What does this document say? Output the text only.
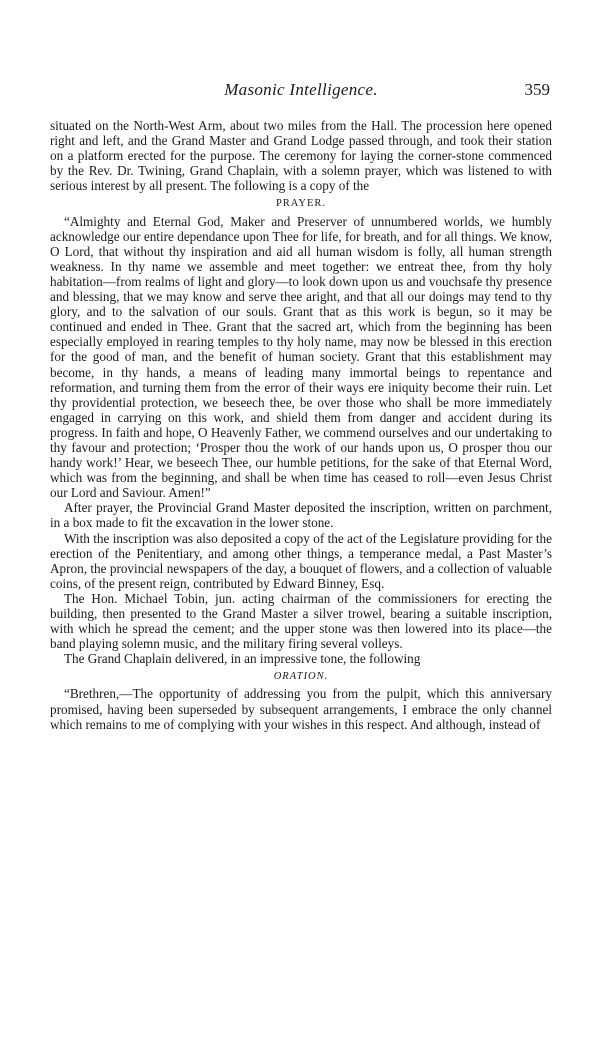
Masonic Intelligence.	359

situated on the North-West Arm, about two miles from the Hall. The procession here opened right and left, and the Grand Master and Grand Lodge passed through, and took their station on a platform erected for the purpose. The ceremony for laying the corner-stone commenced by the Rev. Dr. Twining, Grand Chaplain, with a solemn prayer, which was listened to with serious interest by all present. The following is a copy of the

PRAYER.

“Almighty and Eternal God, Maker and Preserver of unnumbered worlds, we humbly acknowledge our entire dependance upon Thee for life, for breath, and for all things. We know, O Lord, that without thy inspiration and aid all human wisdom is folly, all human strength weakness. In thy name we assemble and meet together: we entreat thee, from thy holy habitation—from realms of light and glory—to look down upon us and vouchsafe thy presence and blessing, that we may know and serve thee aright, and that all our doings may tend to thy glory, and to the salvation of our souls. Grant that as this work is begun, so it may be continued and ended in Thee. Grant that the sacred art, which from the beginning has been especially employed in rearing temples to thy holy name, may now be blessed in this erection for the good of man, and the benefit of human society. Grant that this establishment may become, in thy hands, a means of leading many immortal beings to repentance and reformation, and turning them from the error of their ways ere iniquity become their ruin. Let thy providential protection, we beseech thee, be over those who shall be more immediately engaged in carrying on this work, and shield them from danger and accident during its progress. In faith and hope, O Heavenly Father, we commend ourselves and our undertaking to thy favour and protection; ‘Prosper thou the work of our hands upon us, O prosper thou our handy work!’ Hear, we beseech Thee, our humble petitions, for the sake of that Eternal Word, which was from the beginning, and shall be when time has ceased to roll—even Jesus Christ our Lord and Saviour. Amen!”

After prayer, the Provincial Grand Master deposited the inscription, written on parchment, in a box made to fit the excavation in the lower stone.

With the inscription was also deposited a copy of the act of the Legislature providing for the erection of the Penitentiary, and among other things, a temperance medal, a Past Master’s Apron, the provincial newspapers of the day, a bouquet of flowers, and a collection of valuable coins, of the present reign, contributed by Edward Binney, Esq.

The Hon. Michael Tobin, jun. acting chairman of the commissioners for erecting the building, then presented to the Grand Master a silver trowel, bearing a suitable inscription, with which he spread the cement; and the upper stone was then lowered into its place—the band playing solemn music, and the military firing several volleys.

The Grand Chaplain delivered, in an impressive tone, the following

ORATION.

“Brethren,—The opportunity of addressing you from the pulpit, which this anniversary promised, having been superseded by subsequent arrangements, I embrace the only channel which remains to me of complying with your wishes in this respect. And although, instead of
